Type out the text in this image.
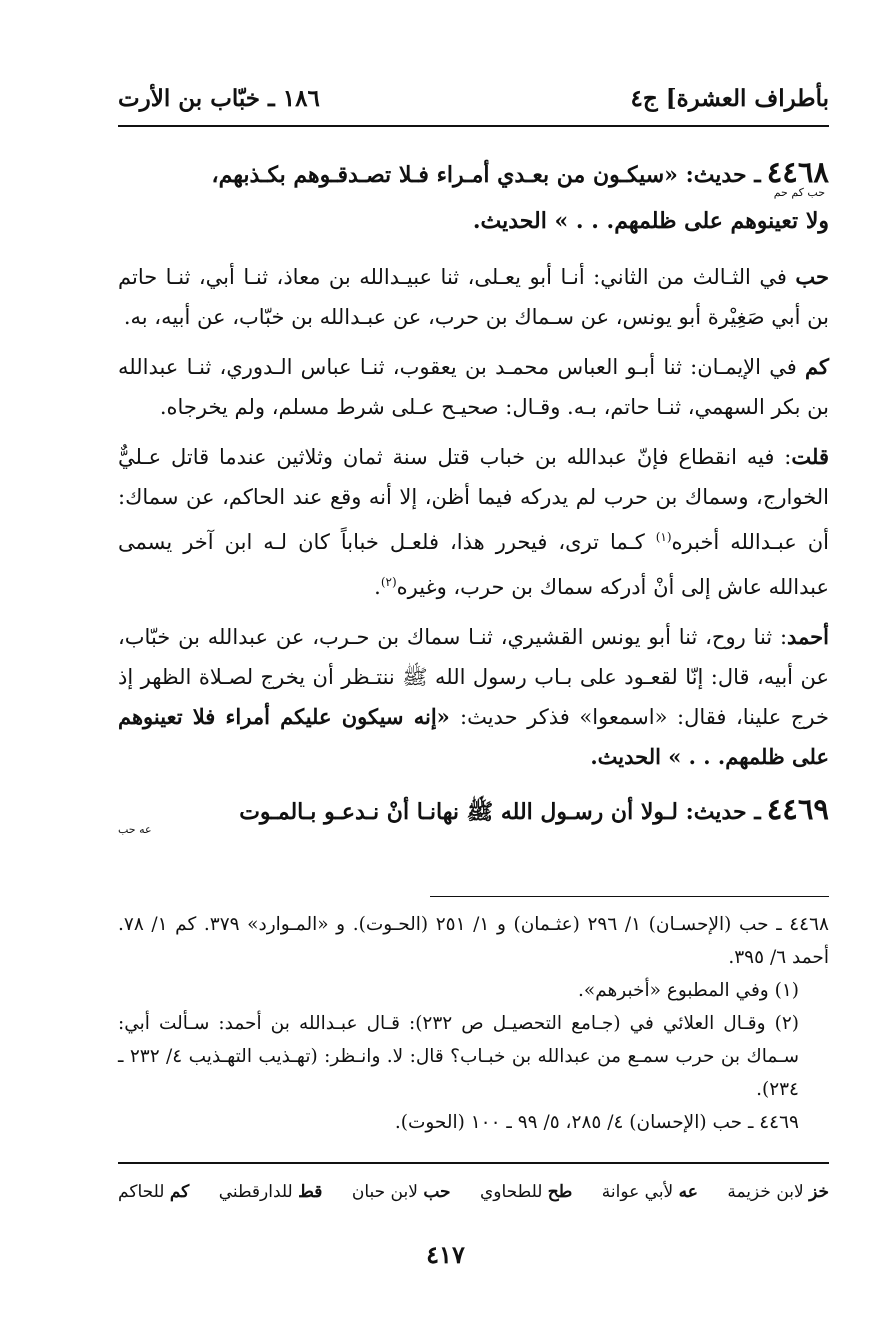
بأطراف العشرة] ج٤
١٨٦ ـ خبّاب بن الأرت
٤٤٦٨
ـ حديث: «سيكـون من بعـدي أمـراء فـلا تصـدقـوهم بكـذبهم،
حب كم حم
ولا تعينوهم على ظلمهم. . . » الحديث.

حب في الثـالث من الثاني: أنـا أبو يعـلى، ثنا عبيـدالله بن معاذ، ثنـا أبي، ثنـا حاتم بن أبي صَغِيْرة أبو يونس، عن سـماك بن حرب، عن عبـدالله بن خبّاب، عن أبيه، به.

كم في الإيمـان: ثنا أبـو العباس محمـد بن يعقوب، ثنـا عباس الـدوري، ثنـا عبدالله بن بكر السهمي، ثنـا حاتم، بـه. وقـال: صحيـح عـلى شرط مسلم، ولم يخرجاه.

قلت: فيه انقطاع فإنّ عبدالله بن خباب قتل سنة ثمان وثلاثين عندما قاتل عـليٌّ الخوارج، وسماك بن حرب لم يدركه فيما أظن، إلا أنه وقع عند الحاكم، عن سماك: أن عبـدالله أخبره$^{(١)}$ كـما ترى، فيحرر هذا، فلعـل خباباً كان لـه ابن آخر يسمى عبدالله عاش إلى أنْ أدركه سماك بن حرب، وغيره$^{(٢)}$.

أحمد: ثنا روح، ثنا أبو يونس القشيري، ثنـا سماك بن حـرب، عن عبدالله بن خبّاب، عن أبيه، قال: إنّا لقعـود على بـاب رسول الله ﷺ ننتـظر أن يخرج لصـلاة الظهر إذ خرج علينا، فقال: «اسمعوا» فذكر حديث: «إنه سيكون عليكم أمراء فلا تعينوهم على ظلمهم. . . » الحديث.

٤٤٦٩
ـ حديث: لـولا أن رسـول الله ﷺ نهانـا أنْ نـدعـو بـالمـوت
عه حب

٤٤٦٨ ـ حب (الإحسـان) ١/ ٢٩٦ (عثـمان) و ١/ ٢٥١ (الحـوت). و «المـوارد» ٣٧٩. كم ١/ ٧٨. أحمد ٦/ ٣٩٥.

(١) وفي المطبوع «أخبرهم».

(٢) وقـال العلائي في (جـامع التحصيـل ص ٢٣٢): قـال عبـدالله بن أحمد: سـألت أبي: سـماك بن حرب سمـع من عبدالله بن خبـاب؟ قال: لا. وانـظر: (تهـذيب التهـذيب ٤/ ٢٣٢ ـ ٢٣٤).

٤٤٦٩ ـ حب (الإحسان) ٤/ ٢٨٥، ٥/ ٩٩ ـ ١٠٠ (الحوت).

خز لابن خزيمة
عه لأبي عوانة
طح للطحاوي
حب لابن حبان
قط للدارقطني
كم للحاكم
٤١٧
